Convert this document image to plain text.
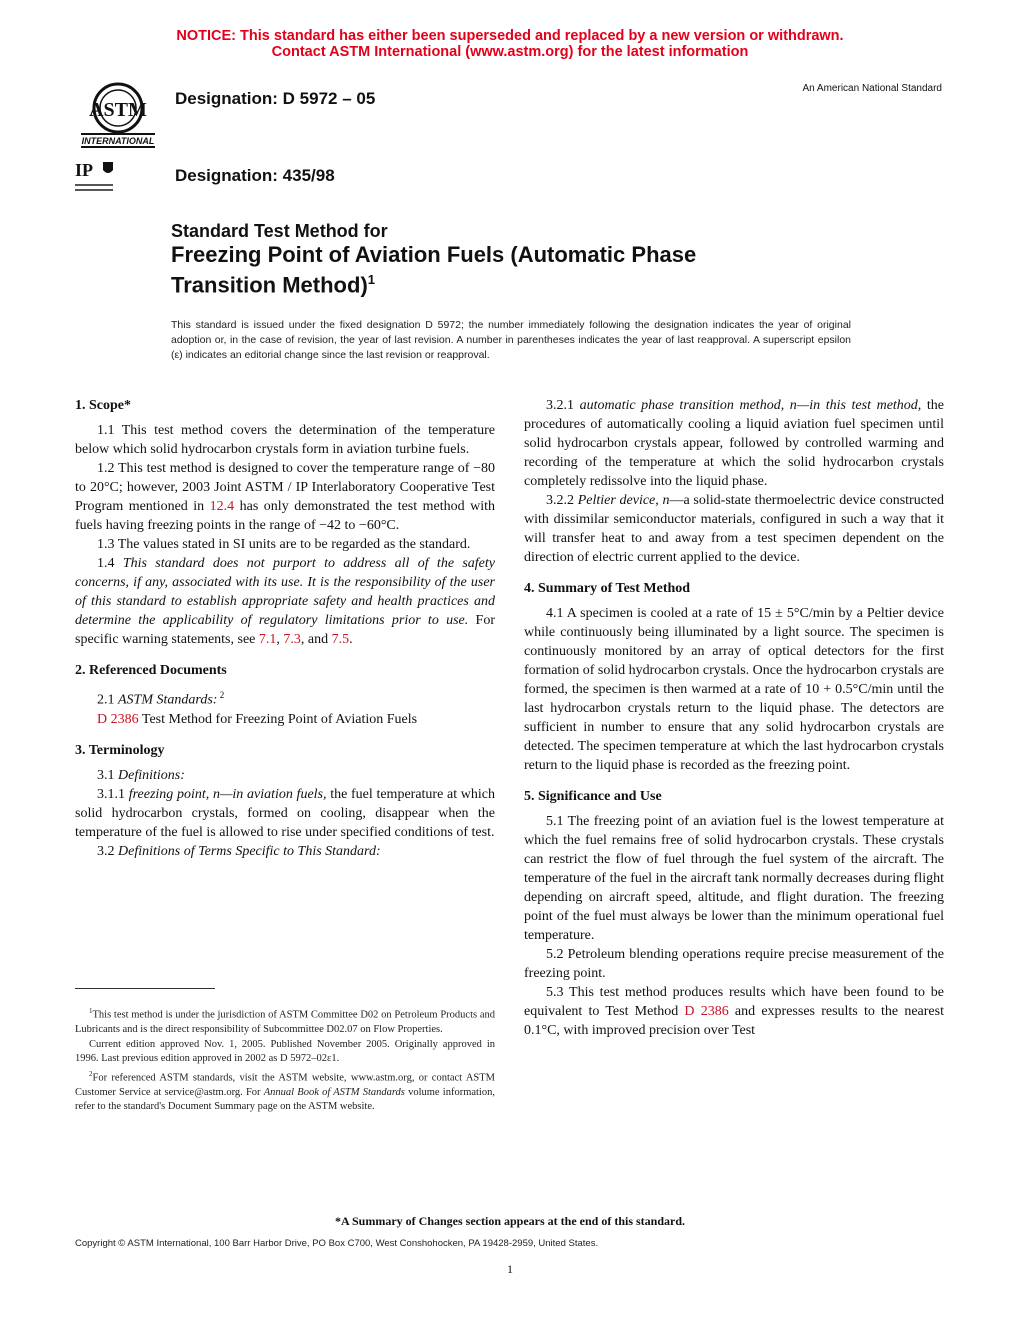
NOTICE: This standard has either been superseded and replaced by a new version or withdrawn.
Contact ASTM International (www.astm.org) for the latest information
ASTM
INTERNATIONAL
IP
Designation: D 5972 – 05
Designation: 435/98
An American National Standard
Standard Test Method for
Freezing Point of Aviation Fuels (Automatic Phase
Transition Method)$^1$
This standard is issued under the fixed designation D 5972; the number immediately following the designation indicates the year of original adoption or, in the case of revision, the year of last revision. A number in parentheses indicates the year of last reapproval. A superscript epsilon (ε) indicates an editorial change since the last revision or reapproval.
1. Scope*

1.1 This test method covers the determination of the temperature below which solid hydrocarbon crystals form in aviation turbine fuels.

1.2 This test method is designed to cover the temperature range of −80 to 20°C; however, 2003 Joint ASTM / IP Interlaboratory Cooperative Test Program mentioned in 12.4 has only demonstrated the test method with fuels having freezing points in the range of −42 to −60°C.

1.3 The values stated in SI units are to be regarded as the standard.

1.4 This standard does not purport to address all of the safety concerns, if any, associated with its use. It is the responsibility of the user of this standard to establish appropriate safety and health practices and determine the applicability of regulatory limitations prior to use. For specific warning statements, see 7.1, 7.3, and 7.5.

2. Referenced Documents

2.1 ASTM Standards: $^2$

D 2386 Test Method for Freezing Point of Aviation Fuels

3. Terminology

3.1 Definitions:

3.1.1 freezing point, n—in aviation fuels, the fuel temperature at which solid hydrocarbon crystals, formed on cooling, disappear when the temperature of the fuel is allowed to rise under specified conditions of test.

3.2 Definitions of Terms Specific to This Standard:

$^1$This test method is under the jurisdiction of ASTM Committee D02 on Petroleum Products and Lubricants and is the direct responsibility of Subcommittee D02.07 on Flow Properties.

Current edition approved Nov. 1, 2005. Published November 2005. Originally approved in 1996. Last previous edition approved in 2002 as D 5972–02ε1.

$^2$For referenced ASTM standards, visit the ASTM website, www.astm.org, or contact ASTM Customer Service at service@astm.org. For Annual Book of ASTM Standards volume information, refer to the standard's Document Summary page on the ASTM website.

3.2.1 automatic phase transition method, n—in this test method, the procedures of automatically cooling a liquid aviation fuel specimen until solid hydrocarbon crystals appear, followed by controlled warming and recording of the temperature at which the solid hydrocarbon crystals completely redissolve into the liquid phase.

3.2.2 Peltier device, n—a solid-state thermoelectric device constructed with dissimilar semiconductor materials, configured in such a way that it will transfer heat to and away from a test specimen dependent on the direction of electric current applied to the device.

4. Summary of Test Method

4.1 A specimen is cooled at a rate of 15 ± 5°C/min by a Peltier device while continuously being illuminated by a light source. The specimen is continuously monitored by an array of optical detectors for the first formation of solid hydrocarbon crystals. Once the hydrocarbon crystals are formed, the specimen is then warmed at a rate of 10 + 0.5°C/min until the last hydrocarbon crystals return to the liquid phase. The detectors are sufficient in number to ensure that any solid hydrocarbon crystals are detected. The specimen temperature at which the last hydrocarbon crystals return to the liquid phase is recorded as the freezing point.

5. Significance and Use

5.1 The freezing point of an aviation fuel is the lowest temperature at which the fuel remains free of solid hydrocarbon crystals. These crystals can restrict the flow of fuel through the fuel system of the aircraft. The temperature of the fuel in the aircraft tank normally decreases during flight depending on aircraft speed, altitude, and flight duration. The freezing point of the fuel must always be lower than the minimum operational fuel temperature.

5.2 Petroleum blending operations require precise measurement of the freezing point.

5.3 This test method produces results which have been found to be equivalent to Test Method D 2386 and expresses results to the nearest 0.1°C, with improved precision over Test

*A Summary of Changes section appears at the end of this standard.
Copyright © ASTM International, 100 Barr Harbor Drive, PO Box C700, West Conshohocken, PA 19428-2959, United States.
1
